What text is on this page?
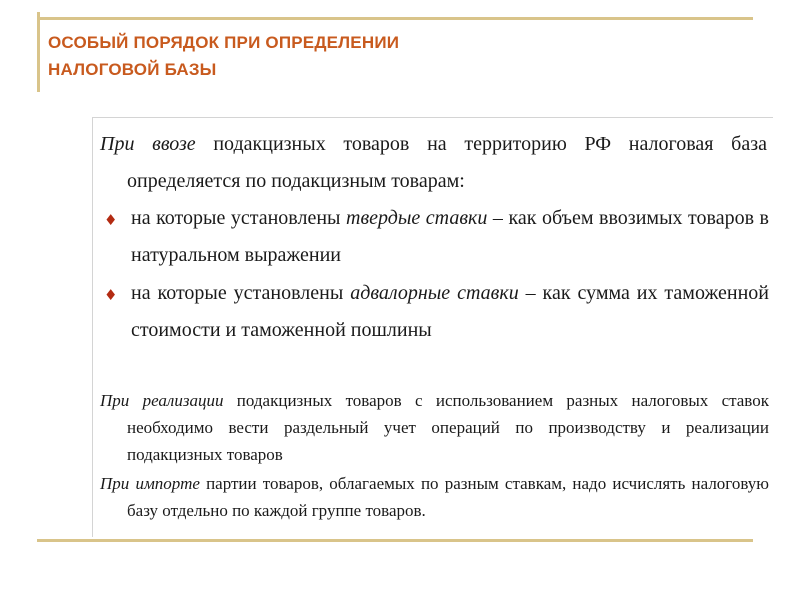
ОСОБЫЙ ПОРЯДОК ПРИ ОПРЕДЕЛЕНИИ
НАЛОГОВОЙ БАЗЫ
При ввозе подакцизных товаров на территорию РФ налоговая база определяется по подакцизным товарам:
♦ на которые установлены твердые ставки – как объем ввозимых товаров в натуральном выражении
♦ на которые установлены адвалорные ставки – как сумма их таможенной стоимости и таможенной пошлины
При реализации подакцизных товаров с использованием разных налоговых ставок необходимо вести раздельный учет операций по производству и реализации подакцизных товаров
При импорте партии товаров, облагаемых по разным ставкам, надо исчислять налоговую базу отдельно по каждой группе товаров.
